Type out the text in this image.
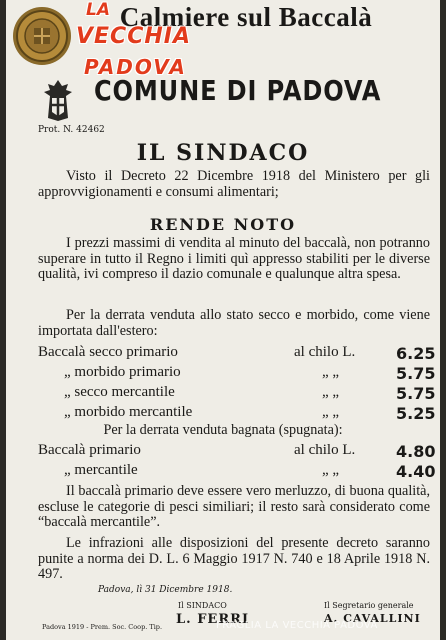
Calmiere sul Baccalà
LA
VECCHIA
PADOVA
COMUNE DI PADOVA
Prot. N. 42462
IL SINDACO
Visto il Decreto 22 Dicembre 1918 del Ministero per gli approvvigionamenti e consumi alimentari;
RENDE NOTO
I prezzi massimi di vendita al minuto del baccalà, non potranno superare in tutto il Regno i limiti quì appresso stabiliti per le diverse qualità, ivi compreso il dazio comunale e qualunque altra spesa.
Per la derrata venduta allo stato secco e morbido, come viene importata dall'estero:
Baccalà secco primario	al chilo L.	6.25
„ morbido primario	„ „	5.75
„ secco mercantile	„ „	5.75
„ morbido mercantile	„ „	5.25
Per la derrata venduta bagnata (spugnata):
Baccalà primario	al chilo L.	4.80
„ mercantile	„ „	4.40
Il baccalà primario deve essere vero merluzzo, di buona qualità, escluse le categorie di pesci similiari; il resto sarà considerato come “baccalà mercantile”.
Le infrazioni alle disposizioni del presente decreto saranno punite a norma dei D. L. 6 Maggio 1917 N. 740 e 18 Aprile 1918 N. 497.
Padova, lì 31 Dicembre 1918.
Il SINDACO
L. FERRI
Il Segretario generale
A. CAVALLINI
Padova 1919 - Prem. Soc. Coop. Tip.	FRAGLIA LA VECCHIA PADOVA
